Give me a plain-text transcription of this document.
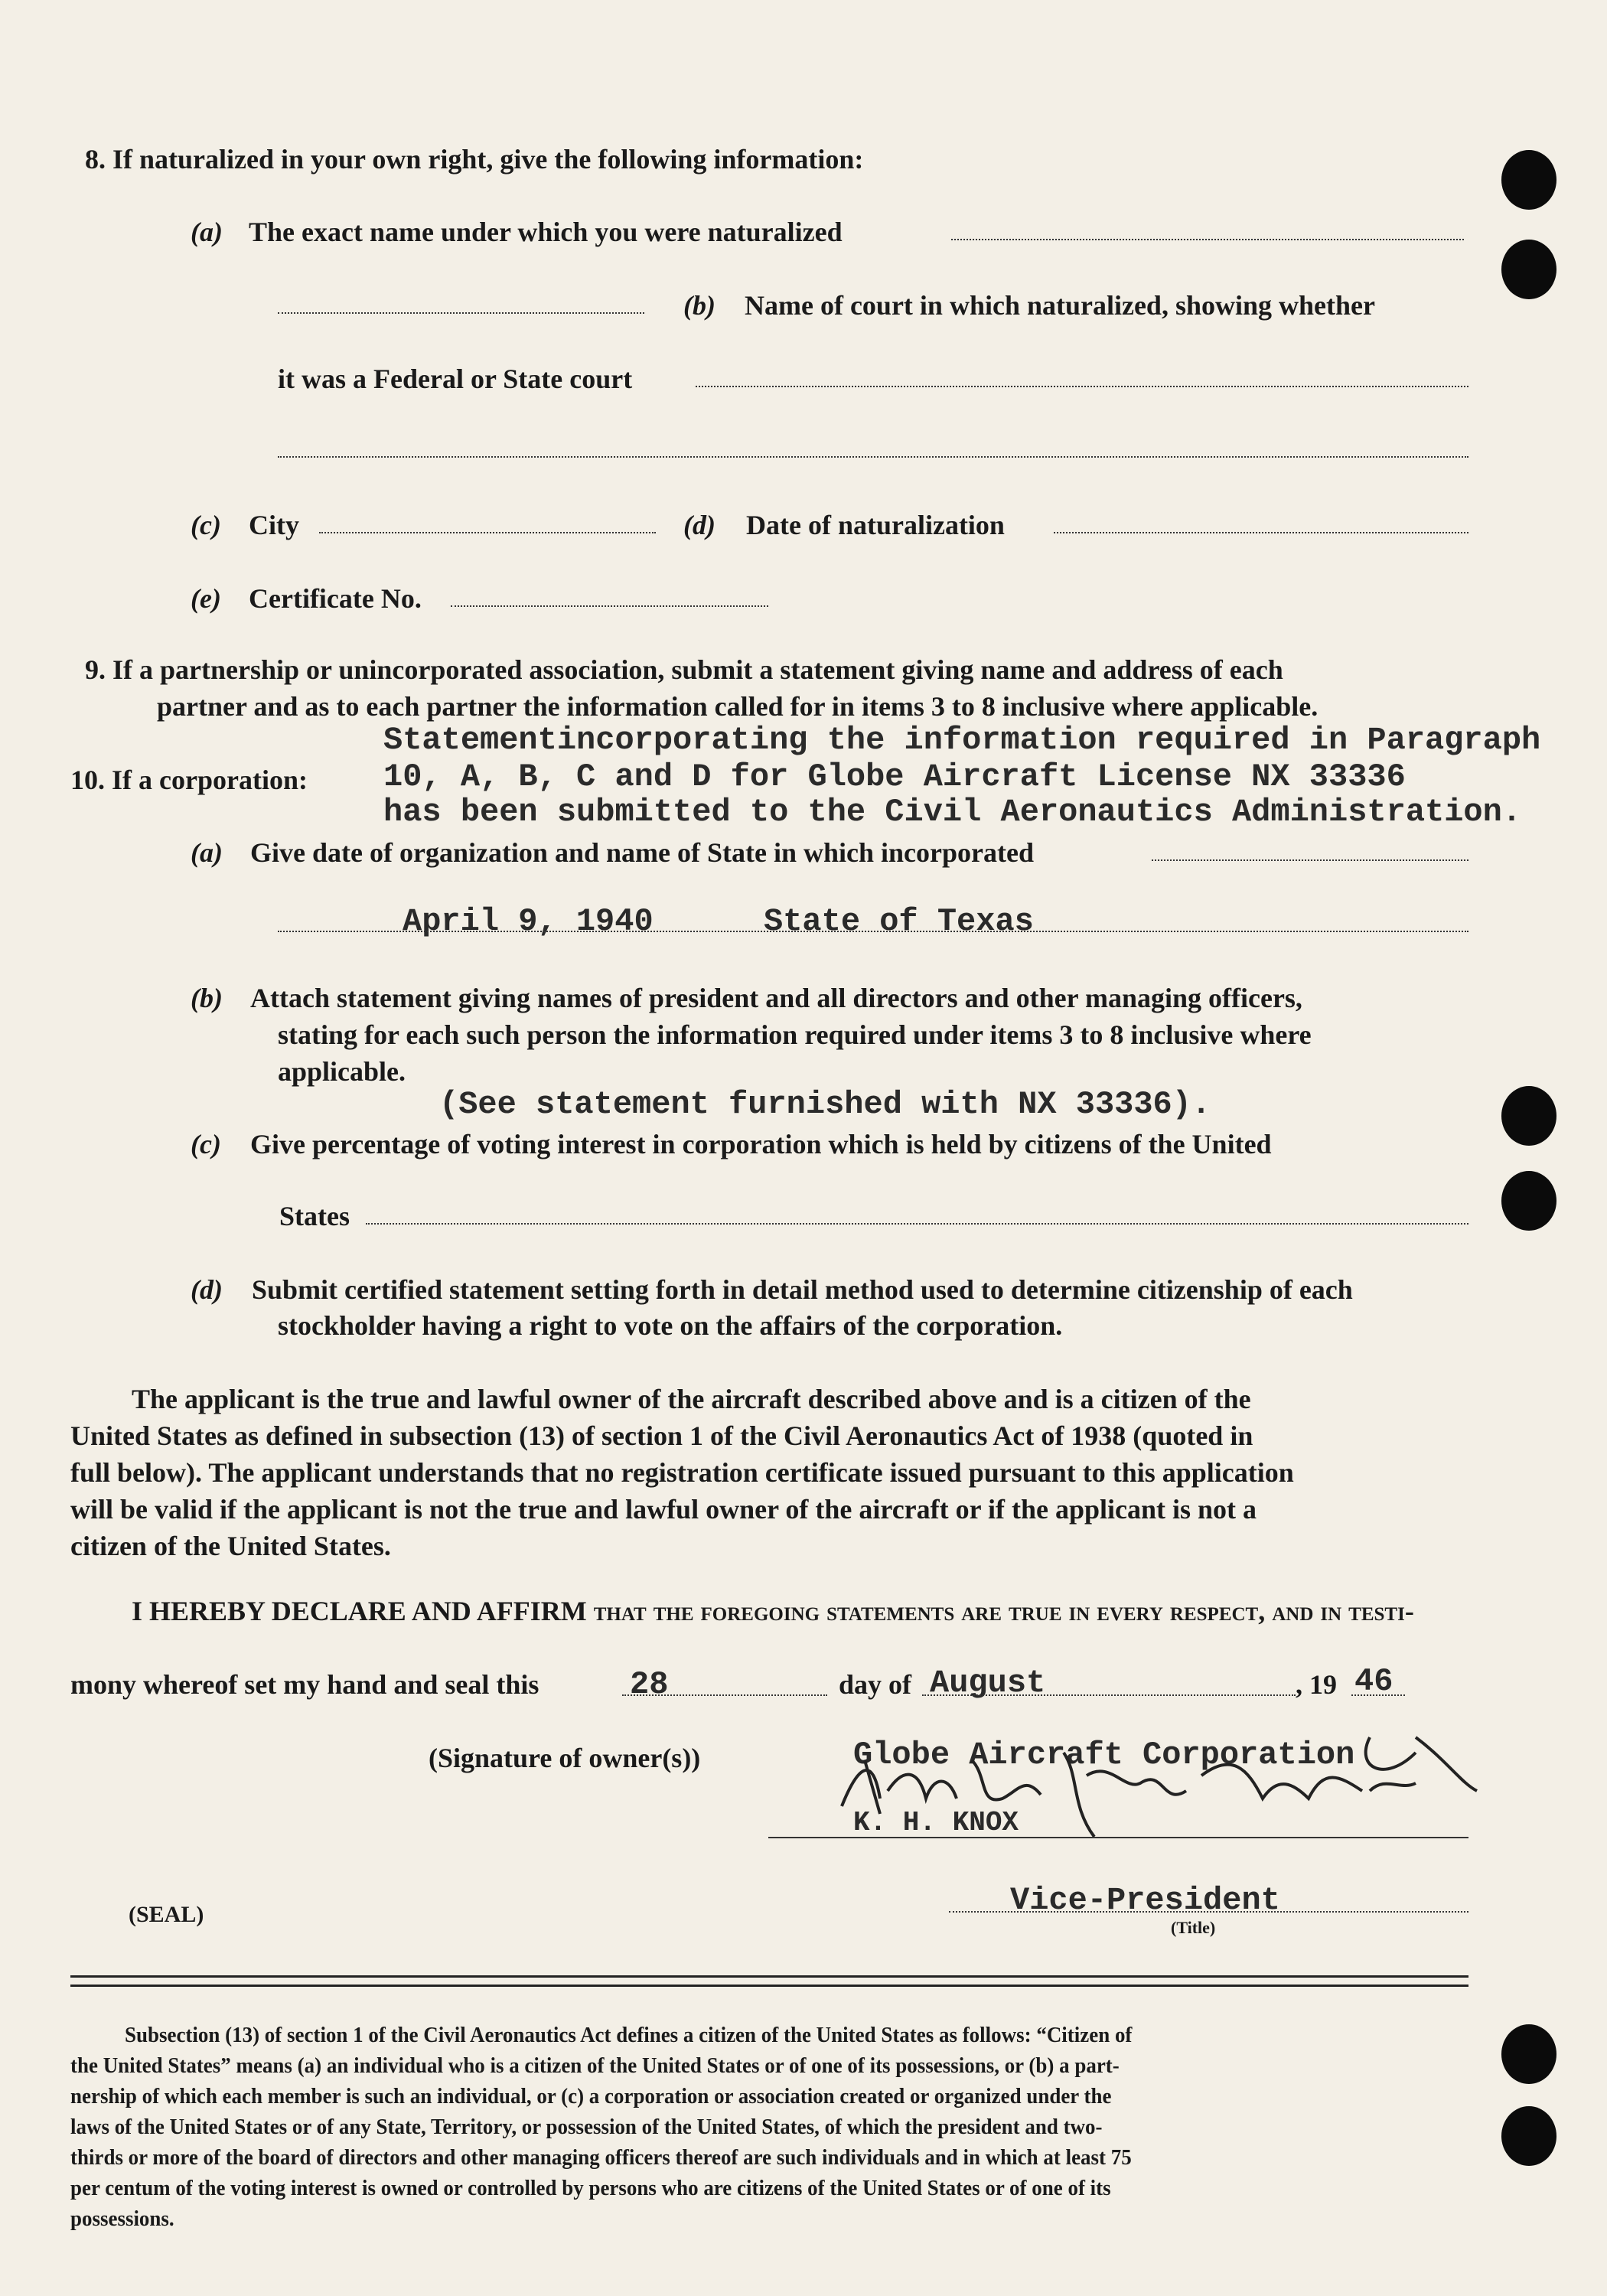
8. If naturalized in your own right, give the following information:
(a) The exact name under which you were naturalized
(b) Name of court in which naturalized, showing whether
it was a Federal or State court
(c) City	(d) Date of naturalization
(e) Certificate No.
9. If a partnership or unincorporated association, submit a statement giving name and address of each
partner and as to each partner the information called for in items 3 to 8 inclusive where applicable.
Statementincorporating the information required in Paragraph
10, A, B, C and D for Globe Aircraft License NX 33336
has been submitted to the Civil Aeronautics Administration.
10. If a corporation:
(a) Give date of organization and name of State in which incorporated
April 9, 1940	State of Texas
(b) Attach statement giving names of president and all directors and other managing officers,
stating for each such person the information required under items 3 to 8 inclusive where
applicable.
(See statement furnished with NX 33336).
(c) Give percentage of voting interest in corporation which is held by citizens of the United
States
(d) Submit certified statement setting forth in detail method used to determine citizenship of each
stockholder having a right to vote on the affairs of the corporation.
The applicant is the true and lawful owner of the aircraft described above and is a citizen of the
United States as defined in subsection (13) of section 1 of the Civil Aeronautics Act of 1938 (quoted in
full below). The applicant understands that no registration certificate issued pursuant to this application
will be valid if the applicant is not the true and lawful owner of the aircraft or if the applicant is not a
citizen of the United States.
I HEREBY DECLARE AND AFFIRM that the foregoing statements are true in every respect, and in testi-
mony whereof set my hand and seal this	28	day of August	, 19 46
(Signature of owner(s))	Globe Aircraft Corporation
K. H. KNOX
(SEAL)	Vice-President
(Title)
Subsection (13) of section 1 of the Civil Aeronautics Act defines a citizen of the United States as follows: “Citizen of
the United States” means (a) an individual who is a citizen of the United States or of one of its possessions, or (b) a part-
nership of which each member is such an individual, or (c) a corporation or association created or organized under the
laws of the United States or of any State, Territory, or possession of the United States, of which the president and two-
thirds or more of the board of directors and other managing officers thereof are such individuals and in which at least 75
per centum of the voting interest is owned or controlled by persons who are citizens of the United States or of one of its
possessions.
